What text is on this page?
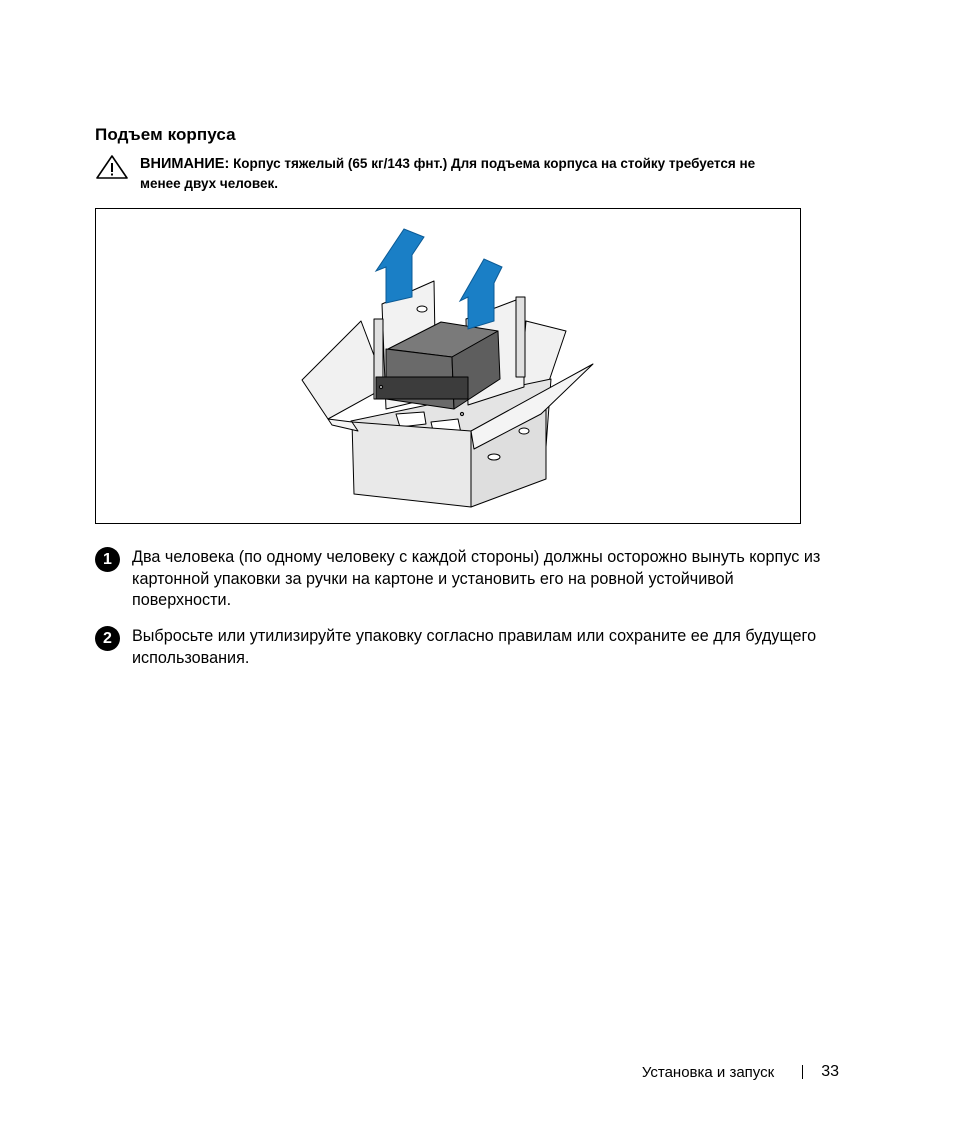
Подъем корпуса
ВНИМАНИЕ: Корпус тяжелый (65 кг/143 фнт.) Для подъема корпуса на стойку требуется не менее двух человек.
1	Два человека (по одному человеку с каждой стороны) должны осторожно вынуть корпус из картонной упаковки за ручки на картоне и установить его на ровной устойчивой поверхности.
2	Выбросьте или утилизируйте упаковку согласно правилам или сохраните ее для будущего использования.
Установка и запуск	33
